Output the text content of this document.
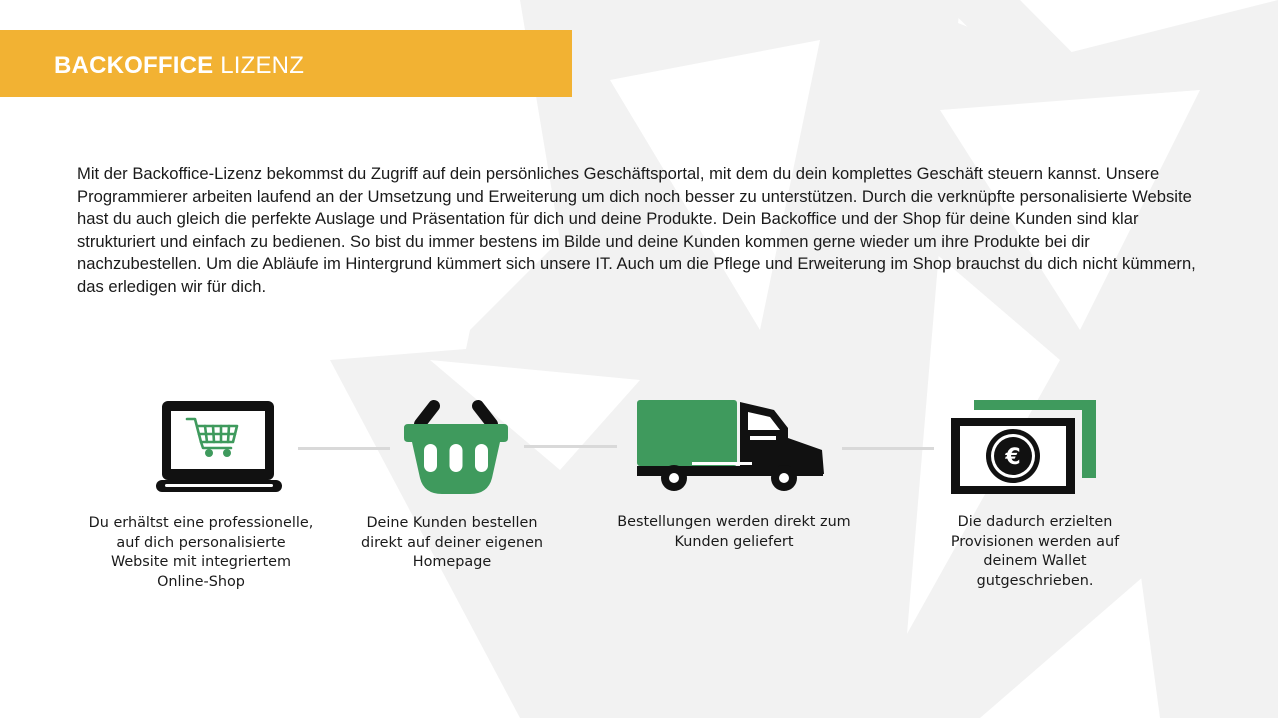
BACKOFFICE LIZENZ

Mit der Backoffice-Lizenz bekommst du Zugriff auf dein persönliches Geschäftsportal, mit dem du dein komplettes Geschäft steuern kannst. Unsere Programmierer arbeiten laufend an der Umsetzung und Erweiterung um dich noch besser zu unterstützen. Durch die verknüpfte personalisierte Website hast du auch gleich die perfekte Auslage und Präsentation für dich und deine Produkte. Dein Backoffice und der Shop für deine Kunden sind klar strukturiert und einfach zu bedienen. So bist du immer bestens im Bilde und deine Kunden kommen gerne wieder um ihre Produkte bei dir nachzubestellen. Um die Abläufe im Hintergrund kümmert sich unsere IT. Auch um die Pflege und Erweiterung im Shop brauchst du dich nicht kümmern, das erledigen wir für dich.

Du erhältst eine professionelle, auf dich personalisierte Website mit integriertem Online-Shop

Deine Kunden bestellen direkt auf deiner eigenen Homepage

Bestellungen werden direkt zum Kunden geliefert

€

Die dadurch erzielten Provisionen werden auf deinem Wallet gutgeschrieben.
